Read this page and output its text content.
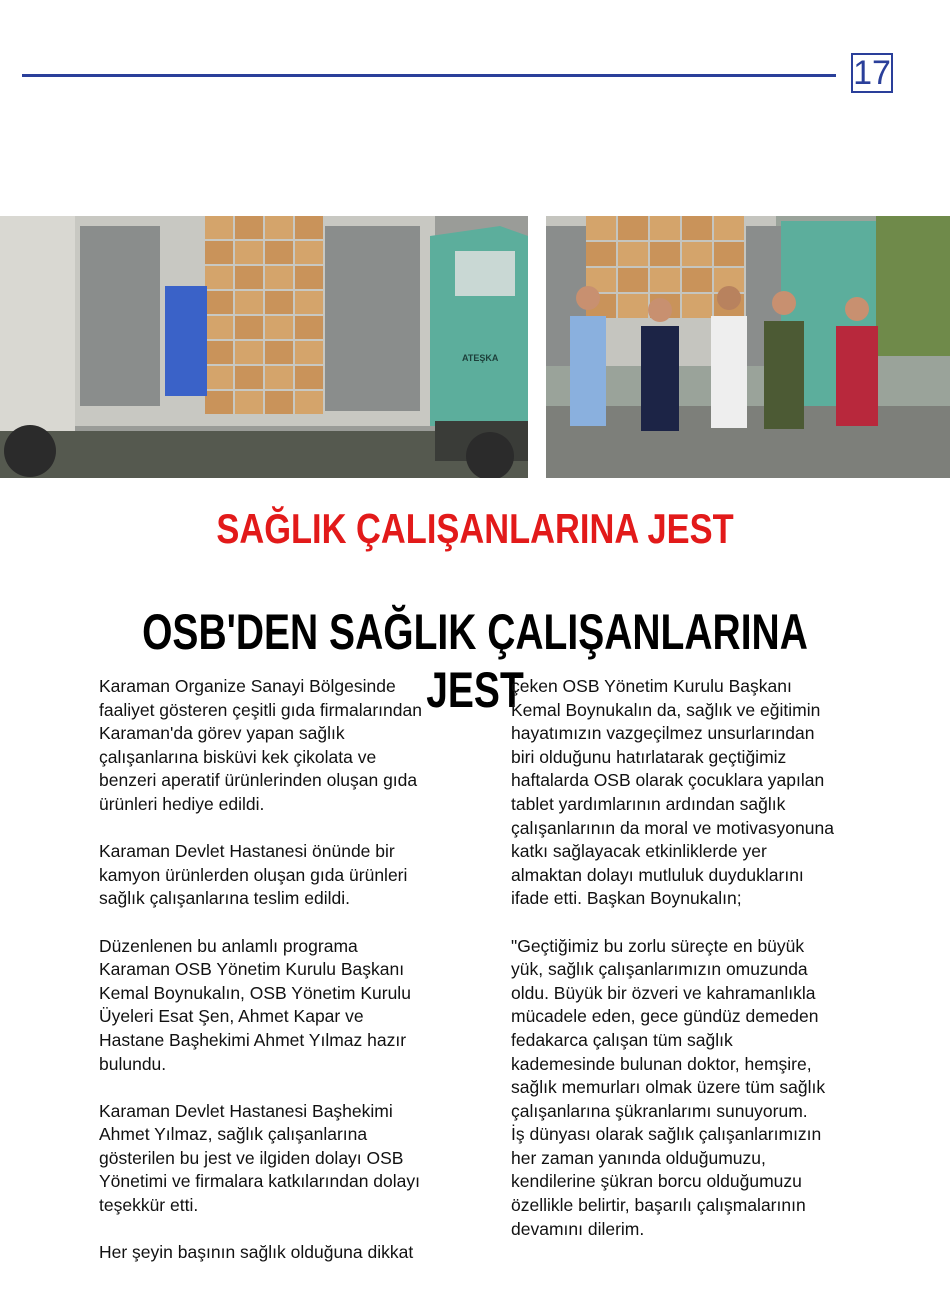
17
ATEŞKA
SAĞLIK ÇALIŞANLARINA JEST
OSB'DEN SAĞLIK ÇALIŞANLARINA JEST

Karaman Organize Sanayi Bölgesinde
faaliyet gösteren çeşitli gıda firmalarından
Karaman'da görev yapan sağlık
çalışanlarına bisküvi kek çikolata ve
benzeri aperatif ürünlerinden oluşan gıda
ürünleri hediye edildi.

Karaman Devlet Hastanesi önünde bir
kamyon ürünlerden oluşan gıda ürünleri
sağlık çalışanlarına teslim edildi.

Düzenlenen bu anlamlı programa
Karaman OSB Yönetim Kurulu Başkanı
Kemal Boynukalın, OSB Yönetim Kurulu
Üyeleri Esat Şen, Ahmet Kapar ve
Hastane Başhekimi Ahmet Yılmaz hazır
bulundu.

Karaman Devlet Hastanesi Başhekimi
Ahmet Yılmaz, sağlık çalışanlarına
gösterilen bu jest ve ilgiden dolayı OSB
Yönetimi ve firmalara katkılarından dolayı
teşekkür etti.

Her şeyin başının sağlık olduğuna dikkat

çeken OSB Yönetim Kurulu Başkanı
Kemal Boynukalın da, sağlık ve eğitimin
hayatımızın vazgeçilmez unsurlarından
biri olduğunu hatırlatarak geçtiğimiz
haftalarda OSB olarak çocuklara yapılan
tablet yardımlarının ardından sağlık
çalışanlarının da moral ve motivasyonuna
katkı sağlayacak etkinliklerde yer
almaktan dolayı mutluluk duyduklarını
ifade etti. Başkan Boynukalın;

"Geçtiğimiz bu zorlu süreçte en büyük
yük, sağlık çalışanlarımızın omuzunda
oldu. Büyük bir özveri ve kahramanlıkla
mücadele eden, gece gündüz demeden
fedakarca çalışan tüm sağlık
kademesinde bulunan doktor, hemşire,
sağlık memurları olmak üzere tüm sağlık
çalışanlarına şükranlarımı sunuyorum.
İş dünyası olarak sağlık çalışanlarımızın
her zaman yanında olduğumuzu,
kendilerine şükran borcu olduğumuzu
özellikle belirtir, başarılı çalışmalarının
devamını dilerim.
